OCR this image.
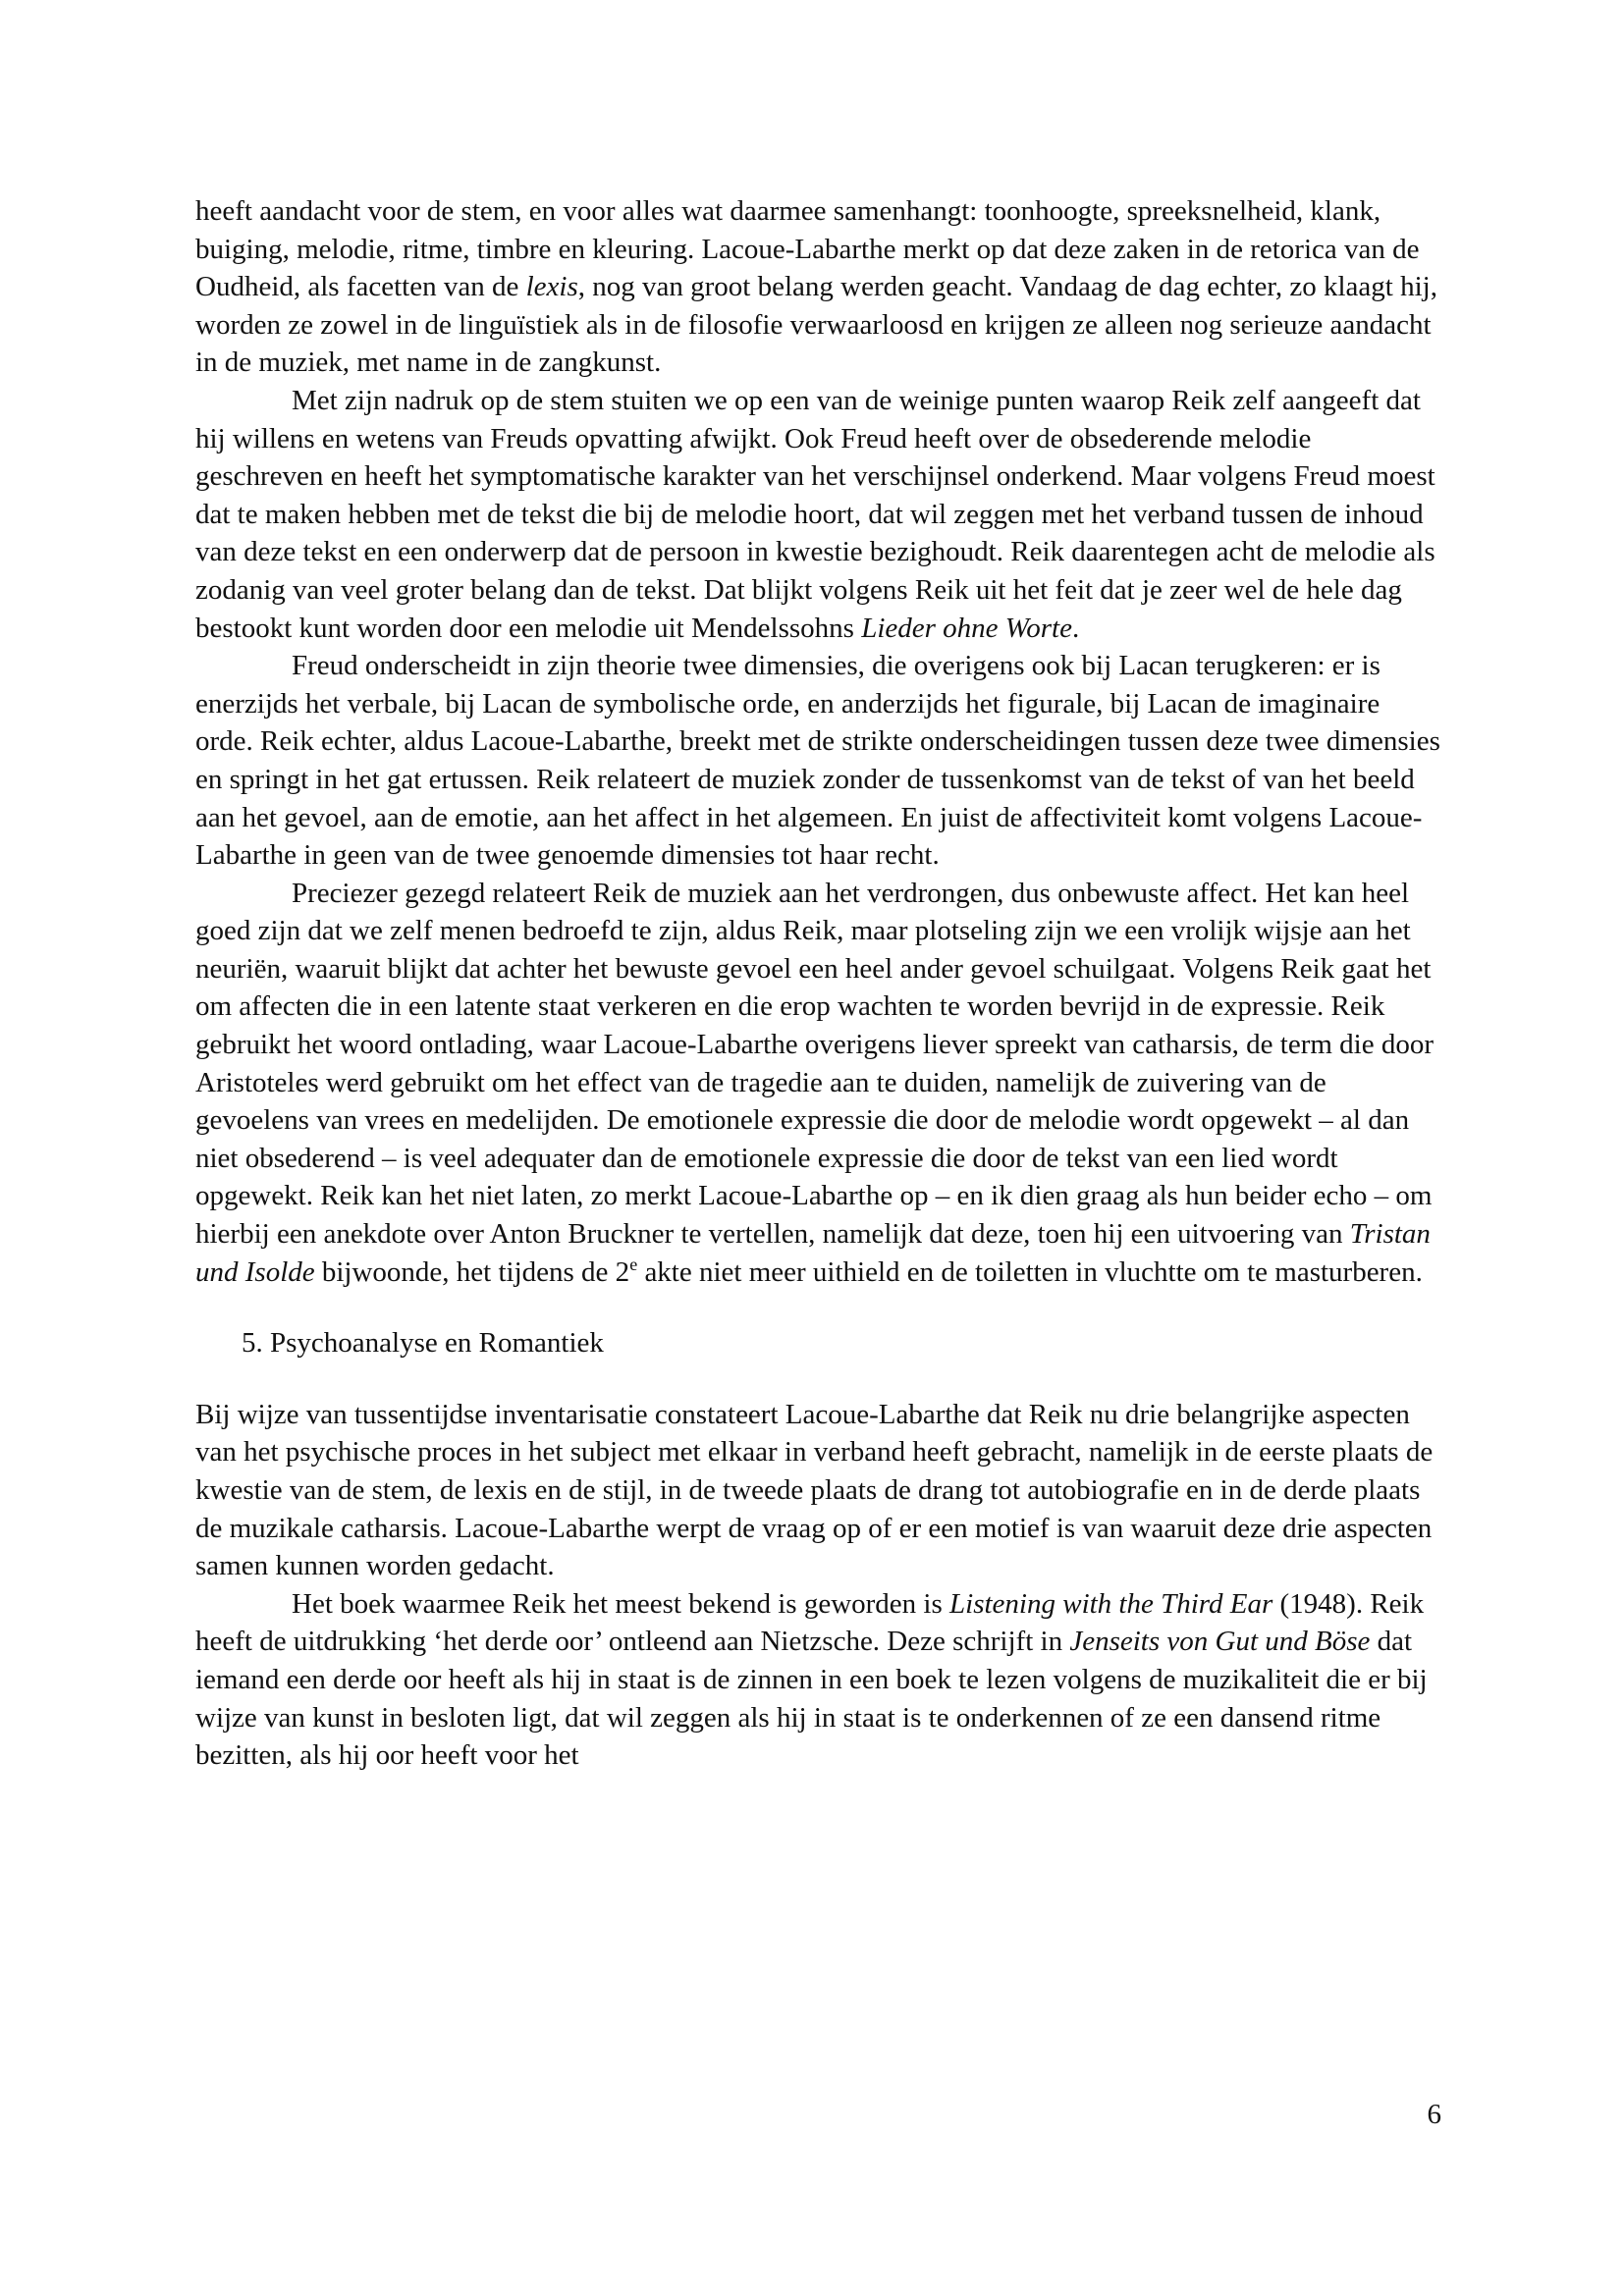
heeft aandacht voor de stem, en voor alles wat daarmee samenhangt: toonhoogte, spreeksnelheid, klank, buiging, melodie, ritme, timbre en kleuring. Lacoue-Labarthe merkt op dat deze zaken in de retorica van de Oudheid, als facetten van de lexis, nog van groot belang werden geacht. Vandaag de dag echter, zo klaagt hij, worden ze zowel in de linguïstiek als in de filosofie verwaarloosd en krijgen ze alleen nog serieuze aandacht in de muziek, met name in de zangkunst.

Met zijn nadruk op de stem stuiten we op een van de weinige punten waarop Reik zelf aangeeft dat hij willens en wetens van Freuds opvatting afwijkt. Ook Freud heeft over de obsederende melodie geschreven en heeft het symptomatische karakter van het verschijnsel onderkend. Maar volgens Freud moest dat te maken hebben met de tekst die bij de melodie hoort, dat wil zeggen met het verband tussen de inhoud van deze tekst en een onderwerp dat de persoon in kwestie bezighoudt. Reik daarentegen acht de melodie als zodanig van veel groter belang dan de tekst. Dat blijkt volgens Reik uit het feit dat je zeer wel de hele dag bestookt kunt worden door een melodie uit Mendelssohns Lieder ohne Worte.

Freud onderscheidt in zijn theorie twee dimensies, die overigens ook bij Lacan terugkeren: er is enerzijds het verbale, bij Lacan de symbolische orde, en anderzijds het figurale, bij Lacan de imaginaire orde. Reik echter, aldus Lacoue-Labarthe, breekt met de strikte onderscheidingen tussen deze twee dimensies en springt in het gat ertussen. Reik relateert de muziek zonder de tussenkomst van de tekst of van het beeld aan het gevoel, aan de emotie, aan het affect in het algemeen. En juist de affectiviteit komt volgens Lacoue-Labarthe in geen van de twee genoemde dimensies tot haar recht.

Preciezer gezegd relateert Reik de muziek aan het verdrongen, dus onbewuste affect. Het kan heel goed zijn dat we zelf menen bedroefd te zijn, aldus Reik, maar plotseling zijn we een vrolijk wijsje aan het neuriën, waaruit blijkt dat achter het bewuste gevoel een heel ander gevoel schuilgaat. Volgens Reik gaat het om affecten die in een latente staat verkeren en die erop wachten te worden bevrijd in de expressie. Reik gebruikt het woord ontlading, waar Lacoue-Labarthe overigens liever spreekt van catharsis, de term die door Aristoteles werd gebruikt om het effect van de tragedie aan te duiden, namelijk de zuivering van de gevoelens van vrees en medelijden. De emotionele expressie die door de melodie wordt opgewekt – al dan niet obsederend – is veel adequater dan de emotionele expressie die door de tekst van een lied wordt opgewekt. Reik kan het niet laten, zo merkt Lacoue-Labarthe op – en ik dien graag als hun beider echo – om hierbij een anekdote over Anton Bruckner te vertellen, namelijk dat deze, toen hij een uitvoering van Tristan und Isolde bijwoonde, het tijdens de 2e akte niet meer uithield en de toiletten in vluchtte om te masturberen.

5. Psychoanalyse en Romantiek

Bij wijze van tussentijdse inventarisatie constateert Lacoue-Labarthe dat Reik nu drie belangrijke aspecten van het psychische proces in het subject met elkaar in verband heeft gebracht, namelijk in de eerste plaats de kwestie van de stem, de lexis en de stijl, in de tweede plaats de drang tot autobiografie en in de derde plaats de muzikale catharsis. Lacoue-Labarthe werpt de vraag op of er een motief is van waaruit deze drie aspecten samen kunnen worden gedacht.

Het boek waarmee Reik het meest bekend is geworden is Listening with the Third Ear (1948). Reik heeft de uitdrukking ‘het derde oor’ ontleend aan Nietzsche. Deze schrijft in Jenseits von Gut und Böse dat iemand een derde oor heeft als hij in staat is de zinnen in een boek te lezen volgens de muzikaliteit die er bij wijze van kunst in besloten ligt, dat wil zeggen als hij in staat is te onderkennen of ze een dansend ritme bezitten, als hij oor heeft voor het

6
